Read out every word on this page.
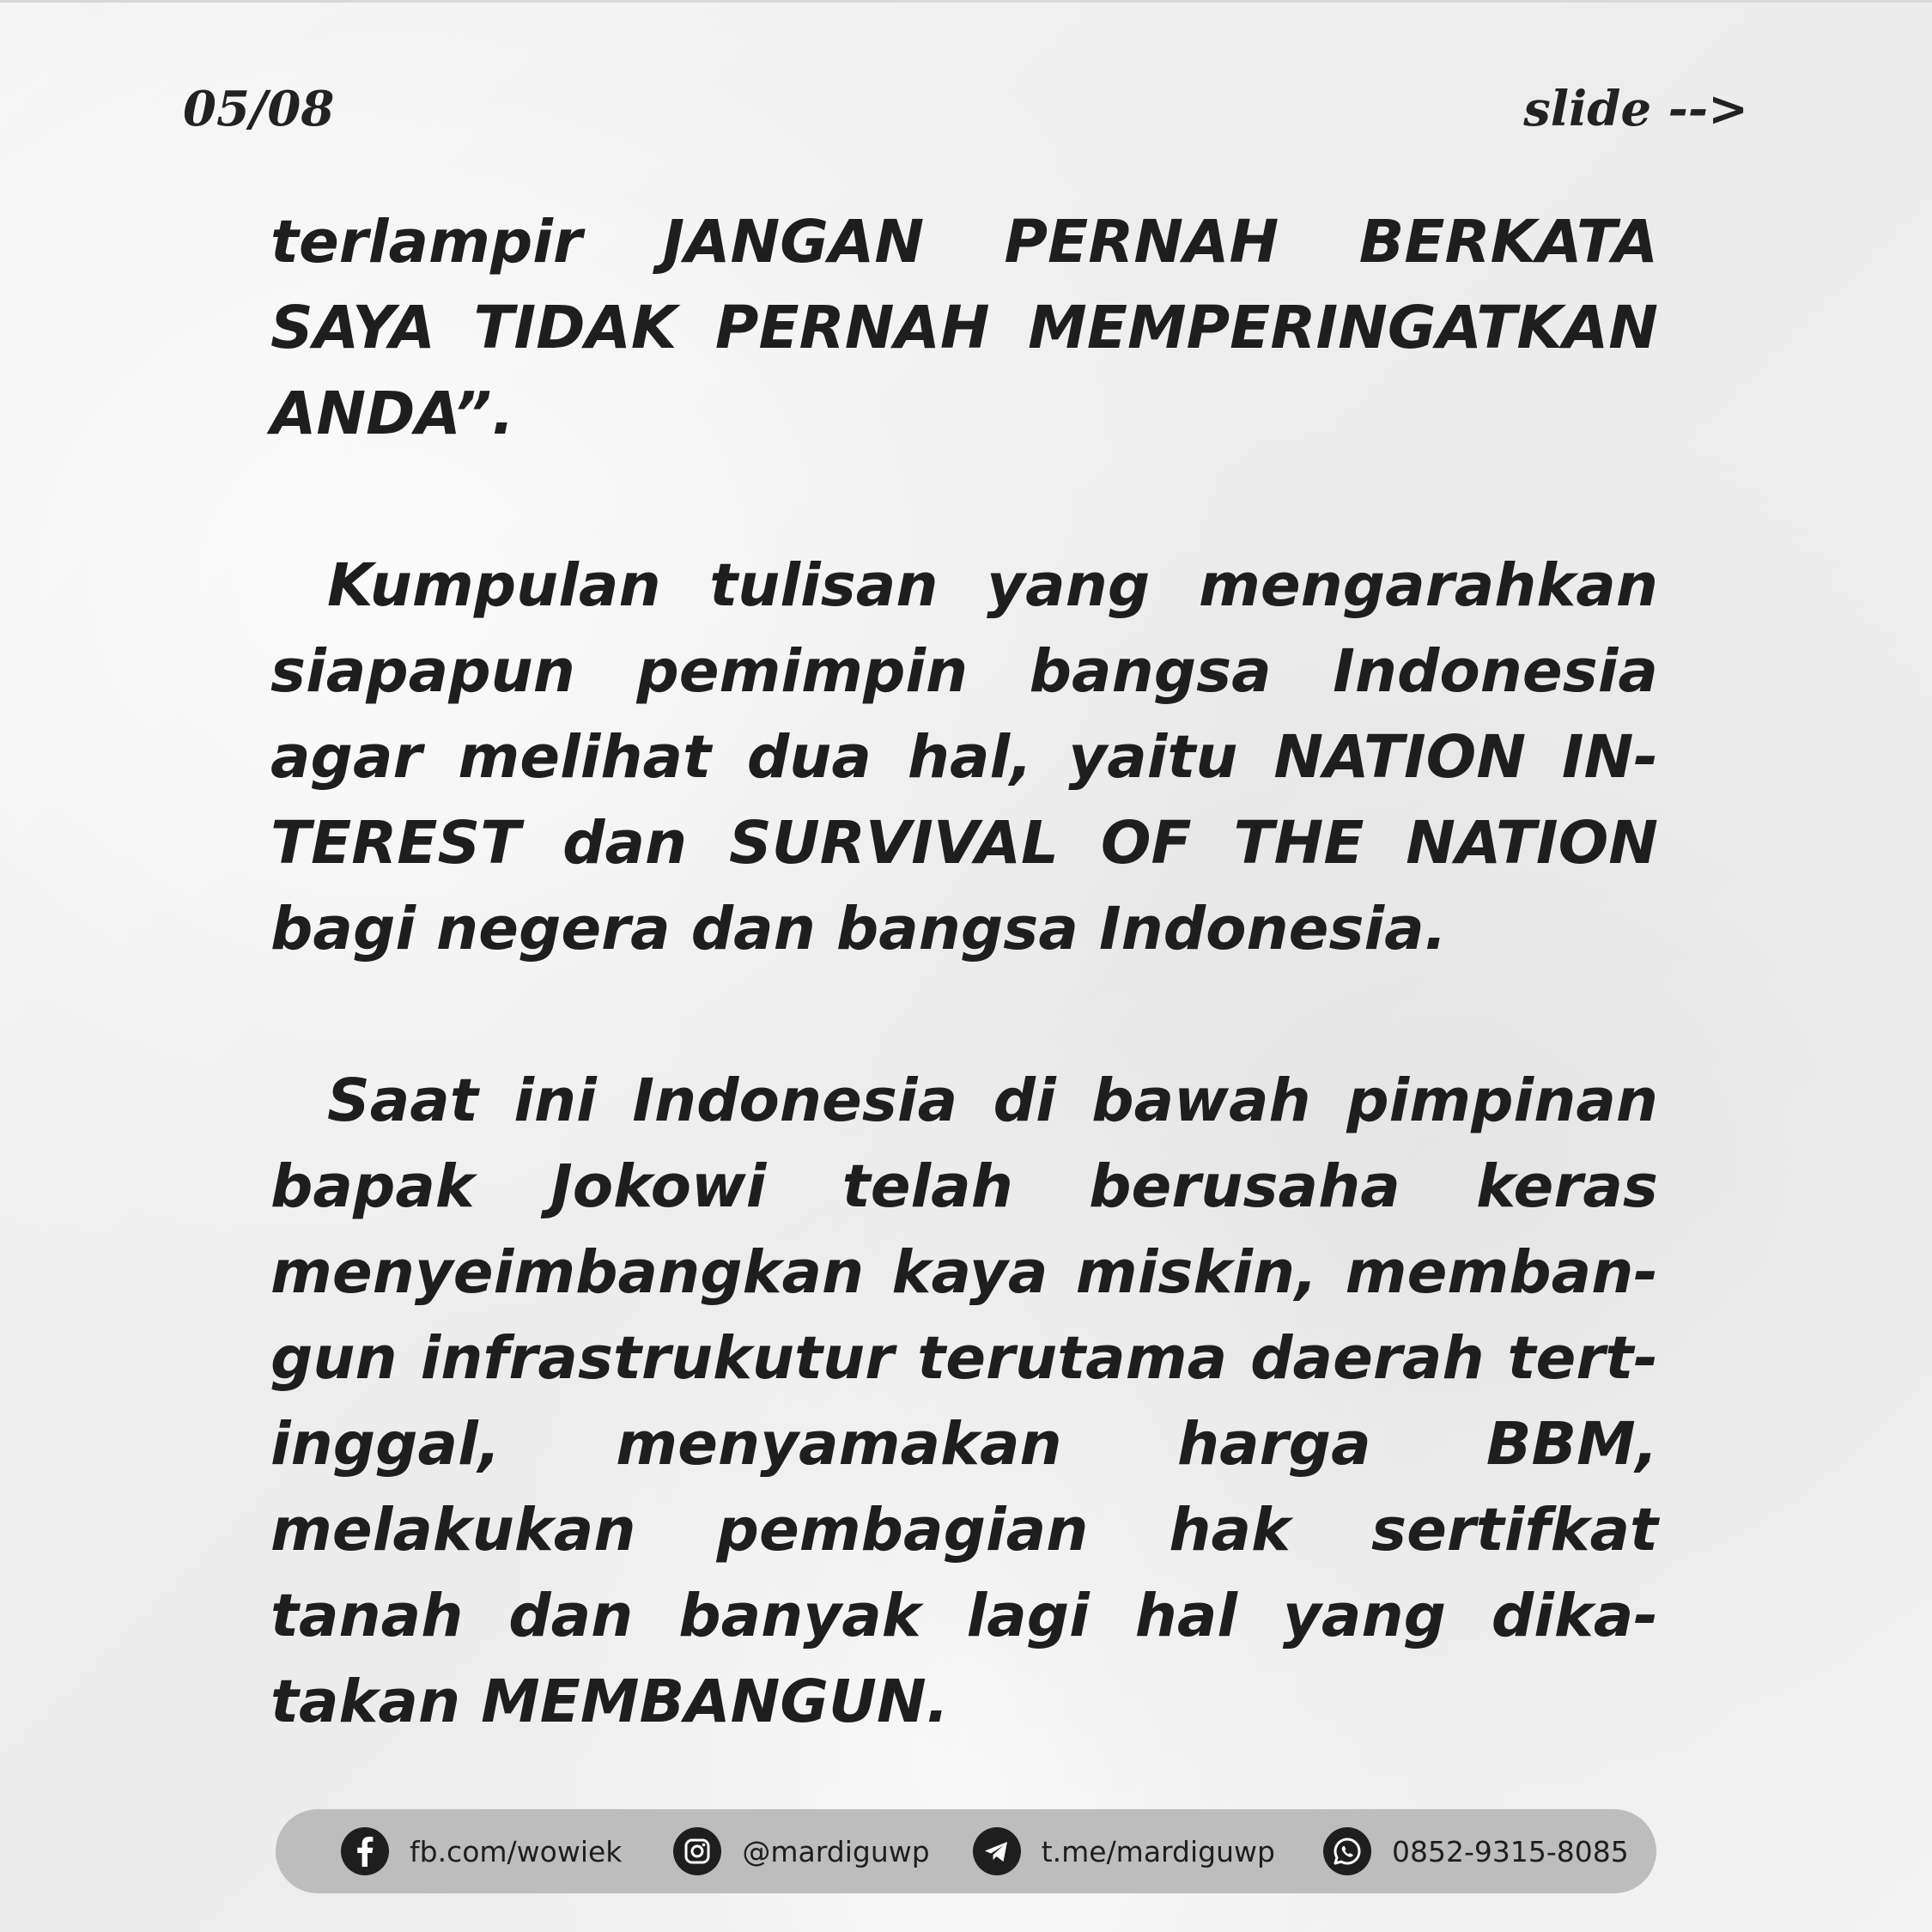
05/08	slide -->

terlampir JANGAN PERNAH BERKATA SAYA TIDAK PERNAH MEMPERINGATKAN ANDA”.

Kumpulan tulisan yang mengarahkan siapapun pemimpin bangsa Indonesia agar melihat dua hal, yaitu NATION IN-TEREST dan SURVIVAL OF THE NATION bagi negera dan bangsa Indonesia.

Saat ini Indonesia di bawah pimpinan bapak Jokowi telah berusaha keras menyeimbangkan kaya miskin, memban-gun infrastrukutur terutama daerah tert-inggal, menyamakan harga BBM, melakukan pembagian hak sertifkat tanah dan banyak lagi hal yang dika-takan MEMBANGUN.

fb.com/wowiek	@mardiguwp	t.me/mardiguwp	0852-9315-8085
